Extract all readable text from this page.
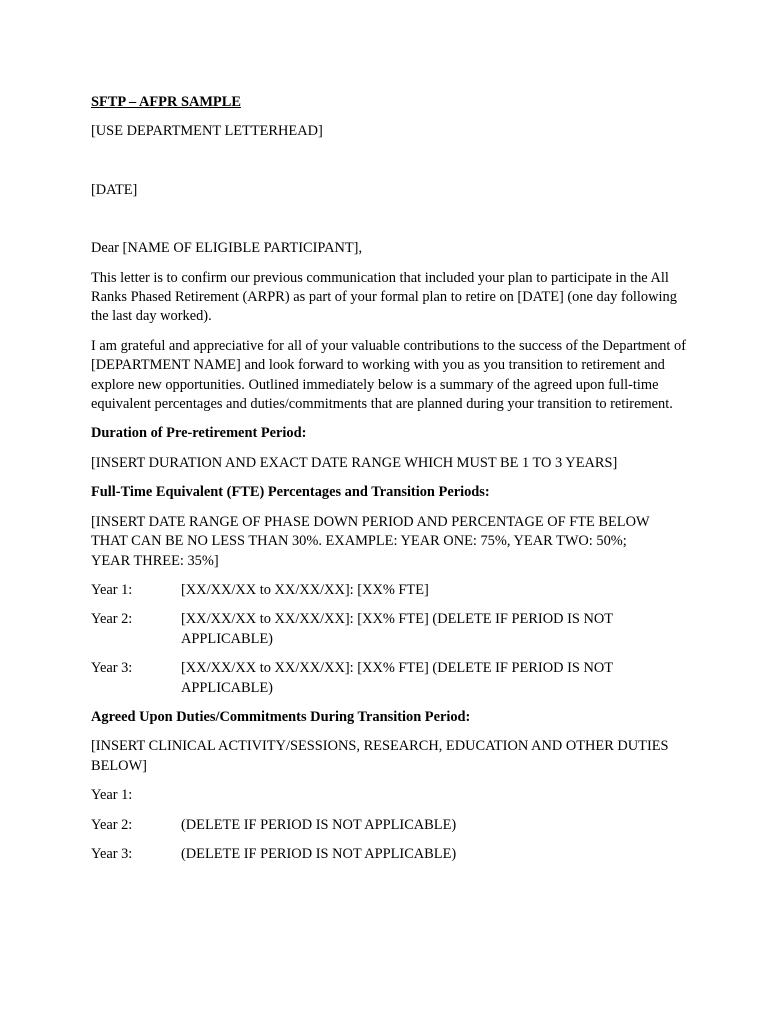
SFTP – AFPR SAMPLE

[USE DEPARTMENT LETTERHEAD]

[DATE]

Dear [NAME OF ELIGIBLE PARTICIPANT],

This letter is to confirm our previous communication that included your plan to participate in the All Ranks Phased Retirement (ARPR) as part of your formal plan to retire on [DATE] (one day following the last day worked).

I am grateful and appreciative for all of your valuable contributions to the success of the Department of [DEPARTMENT NAME] and look forward to working with you as you transition to retirement and explore new opportunities. Outlined immediately below is a summary of the agreed upon full-time equivalent percentages and duties/commitments that are planned during your transition to retirement.

Duration of Pre-retirement Period:

[INSERT DURATION AND EXACT DATE RANGE WHICH MUST BE 1 TO 3 YEARS]

Full-Time Equivalent (FTE) Percentages and Transition Periods:

[INSERT DATE RANGE OF PHASE DOWN PERIOD AND PERCENTAGE OF FTE BELOW THAT CAN BE NO LESS THAN 30%. EXAMPLE: YEAR ONE: 75%, YEAR TWO: 50%; YEAR THREE: 35%]

Year 1:	[XX/XX/XX to XX/XX/XX]: [XX% FTE]
Year 2:	[XX/XX/XX to XX/XX/XX]: [XX% FTE] (DELETE IF PERIOD IS NOT APPLICABLE)
Year 3:	[XX/XX/XX to XX/XX/XX]: [XX% FTE] (DELETE IF PERIOD IS NOT APPLICABLE)

Agreed Upon Duties/Commitments During Transition Period:

[INSERT CLINICAL ACTIVITY/SESSIONS, RESEARCH, EDUCATION AND OTHER DUTIES BELOW]

Year 1:
Year 2:	(DELETE IF PERIOD IS NOT APPLICABLE)
Year 3:	(DELETE IF PERIOD IS NOT APPLICABLE)
